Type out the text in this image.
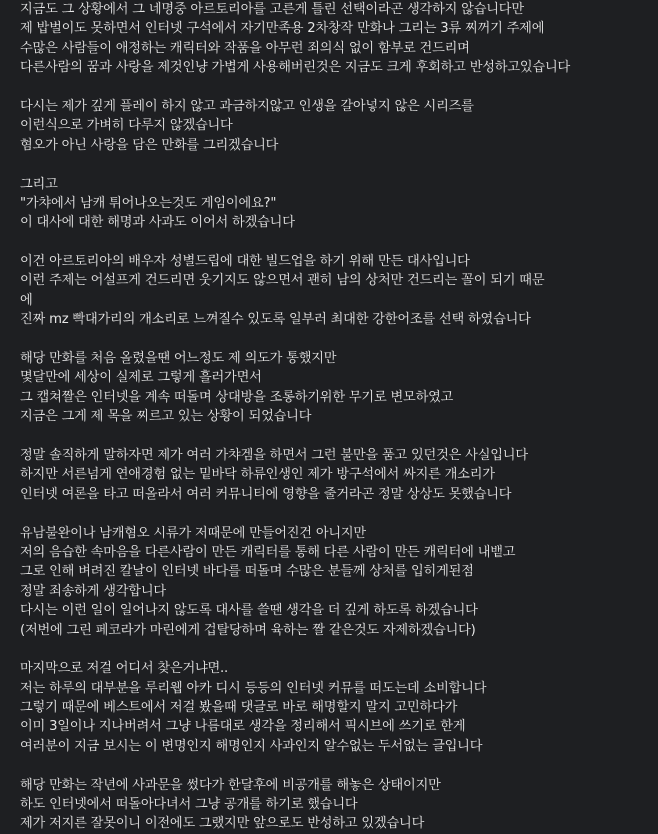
지금도 그 상황에서 그 네명중 아르토리아를 고른게 틀린 선택이라곤 생각하지 않습니다만
제 밥벌이도 못하면서 인터넷 구석에서 자기만족용 2차창작 만화나 그리는 3류 찌꺼기 주제에
수많은 사람들이 애정하는 캐릭터와 작품을 아무런 죄의식 없이 함부로 건드리며
다른사람의 꿈과 사랑을 제것인냥 가볍게 사용해버린것은 지금도 크게 후회하고 반성하고있습니다
다시는 제가 깊게 플레이 하지 않고 과금하지않고 인생을 갈아넣지 않은 시리즈를
이런식으로 가벼히 다루지 않겠습니다
혐오가 아닌 사랑을 담은 만화를 그리겠습니다
그리고
"가챠에서 남캐 튀어나오는것도 게임이에요?"
이 대사에 대한 해명과 사과도 이어서 하겠습니다
이건 아르토리아의 배우자 성별드립에 대한 빌드업을 하기 위해 만든 대사입니다
이런 주제는 어설프게 건드리면 웃기지도 않으면서 괜히 남의 상처만 건드리는 꼴이 되기 때문
에
진짜 mz 빡대가리의 개소리로 느껴질수 있도록 일부러 최대한 강한어조를 선택 하였습니다
해당 만화를 처음 올렸을땐 어느정도 제 의도가 통했지만
몇달만에 세상이 실제로 그렇게 흘러가면서
그 캡쳐짤은 인터넷을 계속 떠돌며 상대방을 조롱하기위한 무기로 변모하였고
지금은 그게 제 목을 찌르고 있는 상황이 되었습니다
정말 솔직하게 말하자면 제가 여러 가챠겜을 하면서 그런 불만을 품고 있던것은 사실입니다
하지만 서른넘게 연애경험 없는 밑바닥 하류인생인 제가 방구석에서 싸지른 개소리가
인터넷 여론을 타고 떠올라서 여러 커뮤니티에 영향을 줄거라곤 정말 상상도 못했습니다
유남불완이나 남캐혐오 시류가 저때문에 만들어진건 아니지만
저의 음습한 속마음을 다른사람이 만든 캐릭터를 통해 다른 사람이 만든 캐릭터에 내뱉고
그로 인해 벼려진 칼날이 인터넷 바다를 떠돌며 수많은 분들께 상처를 입히게된점
정말 죄송하게 생각합니다
다시는 이런 일이 일어나지 않도록 대사를 쓸땐 생각을 더 깊게 하도록 하겠습니다
(저번에 그린 페코라가 마린에게 겁탈당하며 육하는 짤 같은것도 자제하겠습니다)
마지막으로 저걸 어디서 찾은거냐면..
저는 하루의 대부분을 루리웹 아카 디시 등등의 인터넷 커뮤를 떠도는데 소비합니다
그렇기 때문에 베스트에서 저걸 봤을때 댓글로 바로 해명할지 말지 고민하다가
이미 3일이나 지나버려서 그냥 나름대로 생각을 정리해서 픽시브에 쓰기로 한게
여러분이 지금 보시는 이 변명인지 해명인지 사과인지 알수없는 두서없는 글입니다
해당 만화는 작년에 사과문을 썼다가 한달후에 비공개를 해놓은 상태이지만
하도 인터넷에서 떠돌아다녀서 그냥 공개를 하기로 했습니다
제가 저지른 잘못이니 이전에도 그랬지만 앞으로도 반성하고 있겠습니다
